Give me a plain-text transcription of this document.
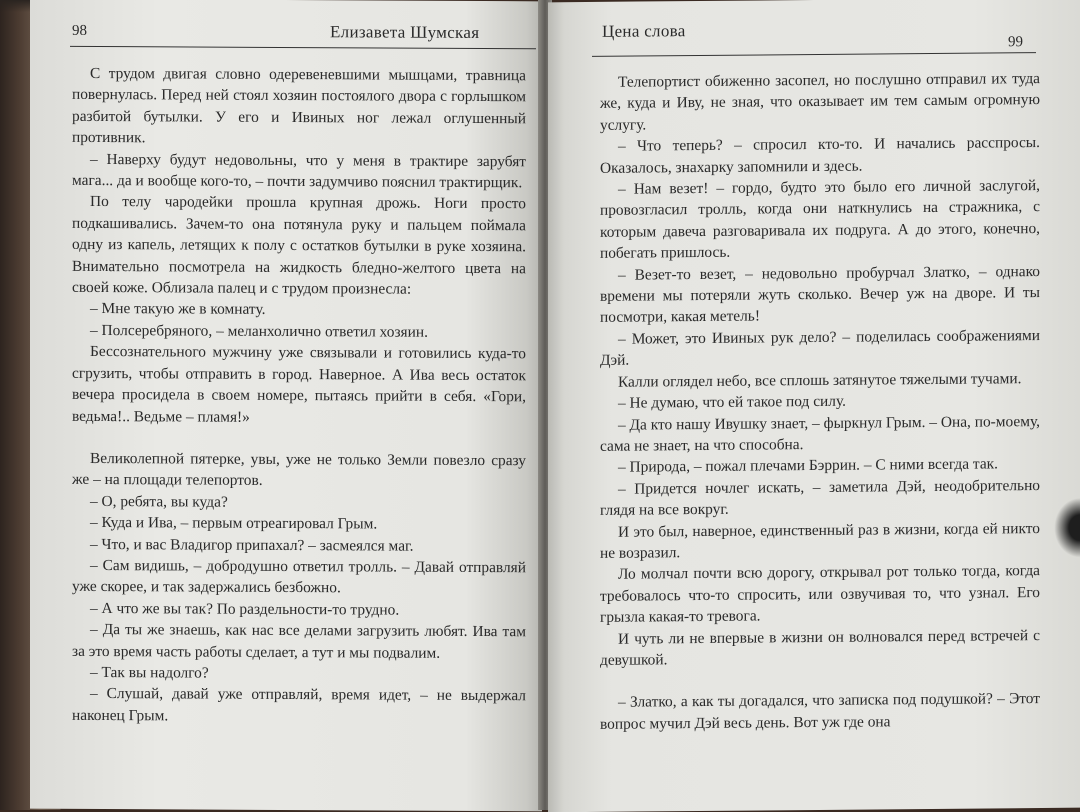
98	Елизавета Шумская

С трудом двигая словно одеревеневшими мышцами, травница повернулась. Перед ней стоял хозяин постоялого двора с горлышком разбитой бутылки. У его и Ивиных ног лежал оглушенный противник.

– Наверху будут недовольны, что у меня в трактире зарубят мага... да и вообще кого-то, – почти задумчиво пояснил трактирщик.

По телу чародейки прошла крупная дрожь. Ноги просто подкашивались. Зачем-то она потянула руку и пальцем поймала одну из капель, летящих к полу с остатков бутылки в руке хозяина. Внимательно посмотрела на жидкость бледно-желтого цвета на своей коже. Облизала палец и с трудом произнесла:

– Мне такую же в комнату.

– Полсеребряного, – меланхолично ответил хозяин.

Бессознательного мужчину уже связывали и готовились куда-то сгрузить, чтобы отправить в город. Наверное. А Ива весь остаток вечера просидела в своем номере, пытаясь прийти в себя. «Гори, ведьма!.. Ведьме – пламя!»

Великолепной пятерке, увы, уже не только Земли повезло сразу же – на площади телепортов.

– О, ребята, вы куда?

– Куда и Ива, – первым отреагировал Грым.

– Что, и вас Владигор припахал? – засмеялся маг.

– Сам видишь, – добродушно ответил тролль. – Давай отправляй уже скорее, и так задержались безбожно.

– А что же вы так? По раздельности-то трудно.

– Да ты же знаешь, как нас все делами загрузить любят. Ива там за это время часть работы сделает, а тут и мы подвалим.

– Так вы надолго?

– Слушай, давай уже отправляй, время идет, – не выдержал наконец Грым.

Цена слова
99

Телепортист обиженно засопел, но послушно отправил их туда же, куда и Иву, не зная, что оказывает им тем самым огромную услугу.

– Что теперь? – спросил кто-то. И начались расспросы. Оказалось, знахарку запомнили и здесь.

– Нам везет! – гордо, будто это было его личной заслугой, провозгласил тролль, когда они наткнулись на стражника, с которым давеча разговаривала их подруга. А до этого, конечно, побегать пришлось.

– Везет-то везет, – недовольно пробурчал Златко, – однако времени мы потеряли жуть сколько. Вечер уж на дворе. И ты посмотри, какая метель!

– Может, это Ивиных рук дело? – поделилась соображениями Дэй.

Калли оглядел небо, все сплошь затянутое тяжелыми тучами.

– Не думаю, что ей такое под силу.

– Да кто нашу Ивушку знает, – фыркнул Грым. – Она, по-моему, сама не знает, на что способна.

– Природа, – пожал плечами Бэррин. – С ними всегда так.

– Придется ночлег искать, – заметила Дэй, неодобрительно глядя на все вокруг.

И это был, наверное, единственный раз в жизни, когда ей никто не возразил.

Ло молчал почти всю дорогу, открывал рот только тогда, когда требовалось что-то спросить, или озвучивая то, что узнал. Его грызла какая-то тревога.

И чуть ли не впервые в жизни он волновался перед встречей с девушкой.

– Златко, а как ты догадался, что записка под подушкой? – Этот вопрос мучил Дэй весь день. Вот уж где она
